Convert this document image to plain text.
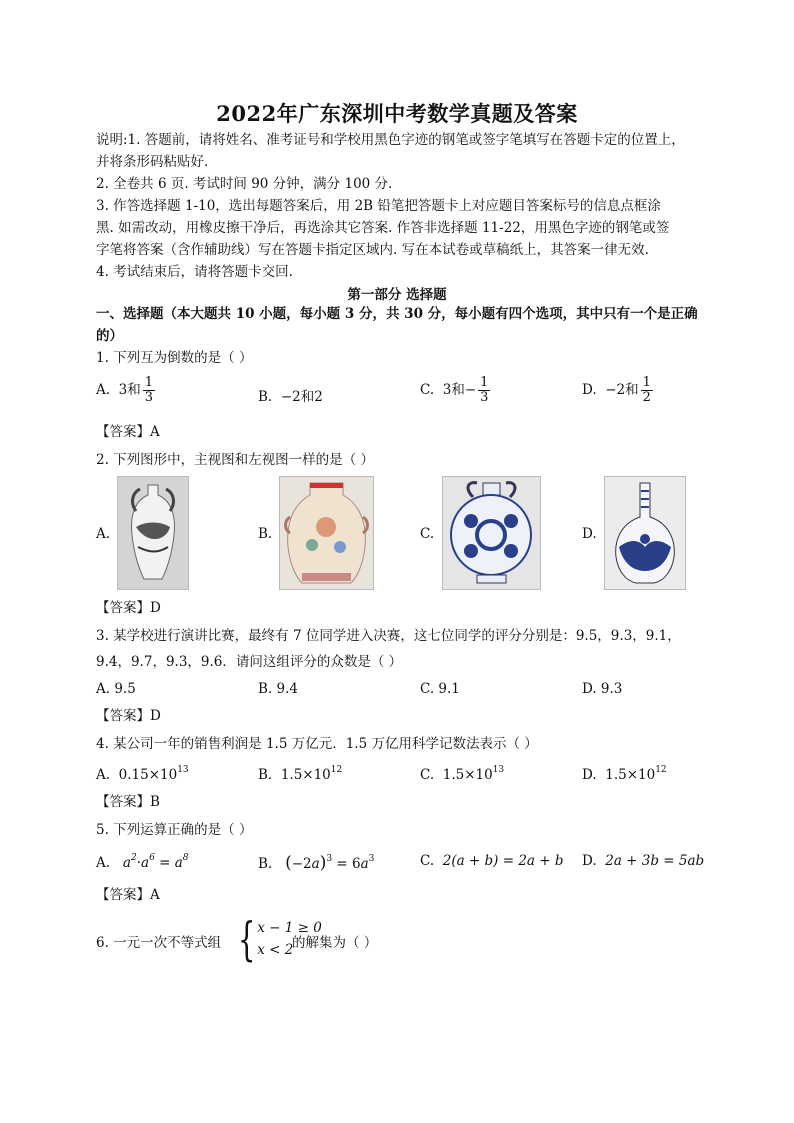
2022年广东深圳中考数学真题及答案
说明:1. 答题前，请将姓名、准考证号和学校用黑色字迹的钢笔或签字笔填写在答题卡定的位置上，
并将条形码粘贴好.
2. 全卷共 6 页. 考试时间 90 分钟，满分 100 分.
3. 作答选择题 1-10，选出每题答案后，用 2B 铅笔把答题卡上对应题目答案标号的信息点框涂
黑. 如需改动，用橡皮擦干净后，再选涂其它答案. 作答非选择题 11-22，用黑色字迹的钢笔或签
字笔将答案（含作辅助线）写在答题卡指定区域内. 写在本试卷或草稿纸上，其答案一律无效.
4. 考试结束后，请将答题卡交回.
第一部分 选择题
一、选择题（本大题共 10 小题，每小题 3 分，共 30 分，每小题有四个选项，其中只有一个是正确
的）
1. 下列互为倒数的是（ ）
A. 3和 $\frac{1}{3}$	B. −2和2	C. 3和− $\frac{1}{3}$	D. −2和 $\frac{1}{2}$
【答案】A
2. 下列图形中，主视图和左视图一样的是（ ）
A.	B.	C.	D.
【答案】D
3. 某学校进行演讲比赛，最终有 7 位同学进入决赛，这七位同学的评分分别是：9.5，9.3，9.1，
9.4，9.7，9.3，9.6．请问这组评分的众数是（ ）
A. 9.5	B. 9.4	C. 9.1	D. 9.3
【答案】D
4. 某公司一年的销售利润是 1.5 万亿元．1.5 万亿用科学记数法表示（ ）
A. $0.15\times 10^{13}$	B. $1.5\times 10^{12}$	C. $1.5\times 10^{13}$	D. $1.5\times 10^{12}$
【答案】B
5. 下列运算正确的是（ ）
A. $a^2\cdot a^6 = a^8$	B. $(-2a)^3 = 6a^3$	C. 2(a + b) = 2a + b D. 2a + 3b = 5ab
【答案】A
6. 一元一次不等式组 { x − 1 ≥ 0
x < 2
的解集为（ ）
